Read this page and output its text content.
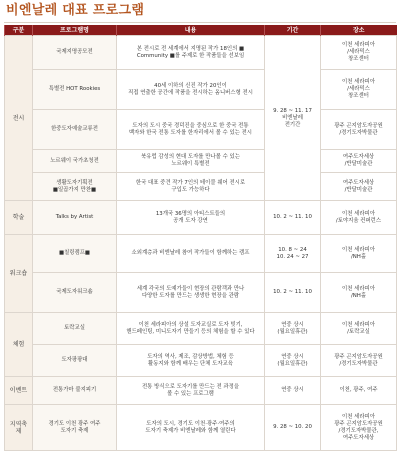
비엔날레 대표 프로그램
구분	프로그램명	내용	기간	장소
전시	국제지명공모전	본 전시로 전 세계에서 지명된 작가 18인의 ■
Community ■를 주제로 한 작품들을 선보임	9. 28 ~ 11. 17
비엔날레
전기간	이천 세라피아
/세라믹스
창조센터

	특별전 HOT Rookies	40세 이하의 신진 작가 20인이
직접 연출한 공간에 작품을 전시하는 옴니버스형 전시		이천 세라피아
/세라믹스
창조센터

	한중도자예술교류전	도자의 도시 중국 경덕진을 중심으로 한 중국 전통
백자와 한국 전통 도자를 한자리에서 볼 수 있는 전시		광주 곤지암도자공원
/경기도자박물관

	노르웨이 국가초청전	북유럽 감성의 현대 도자를 만나볼 수 있는
노르웨이 특별전		여주도자세상
/반달미술관

	생활도자기획전
■일곱가지 만찬■	한국 대표 중견 작가 7인의 테이블 웨어 전시로
구입도 가능하다		여주도자세상
/반달미술관

학술	Talks by Artist	13개국 36명의 아티스트들의
공개 도자 강연	10. 2 ~ 11. 10	이천 세라피아
/토야지움 컨퍼런스

워크숍	■칠링캠프■	소외계층과 비엔날레 참여 작가들이 함께하는 캠프	10. 8 ~ 24
10. 24 ~ 27	이천 세라피아
/NH홀

	국제도자워크숍	세계 각국의 도예가들이 현장의 관람객과 만나
다양한 도자를 만드는 생생한 현장을 관람	10. 2 ~ 11. 10	이천 세라피아
/NH홀

체험	토락교실	이천 세라피아의 상설 도자교실로 도자 빚기,
핸드페인팅, 미니도자기 만들기 등의 체험을 할 수 있다	연중 상시
(월요일휴관)	이천 세라피아
/토락교실

	도자팡팡대	도자의 역사, 제조, 감상방법, 체험 등
활동지와 함께 배우는 단체 도자교육	연중 상시
(월요일휴관)	광주 곤지암도자공원
/경기도자박물관

이벤트	전통가마 불지피기	전통 방식으로 도자기를 만드는 전 과정을
볼 수 있는 프로그램	연중 상시	이천, 광주, 여주
지역축제	경기도 이천 광주 여주
도자기 축제	도자의 도시, 경기도 이천·광주·여주의
도자기 축제가 비엔날레와 함께 열린다	9. 28 ~ 10. 20	이천 세라피아
광주 곤지암도자공원
/경기도자박물관,
여주도자세상
